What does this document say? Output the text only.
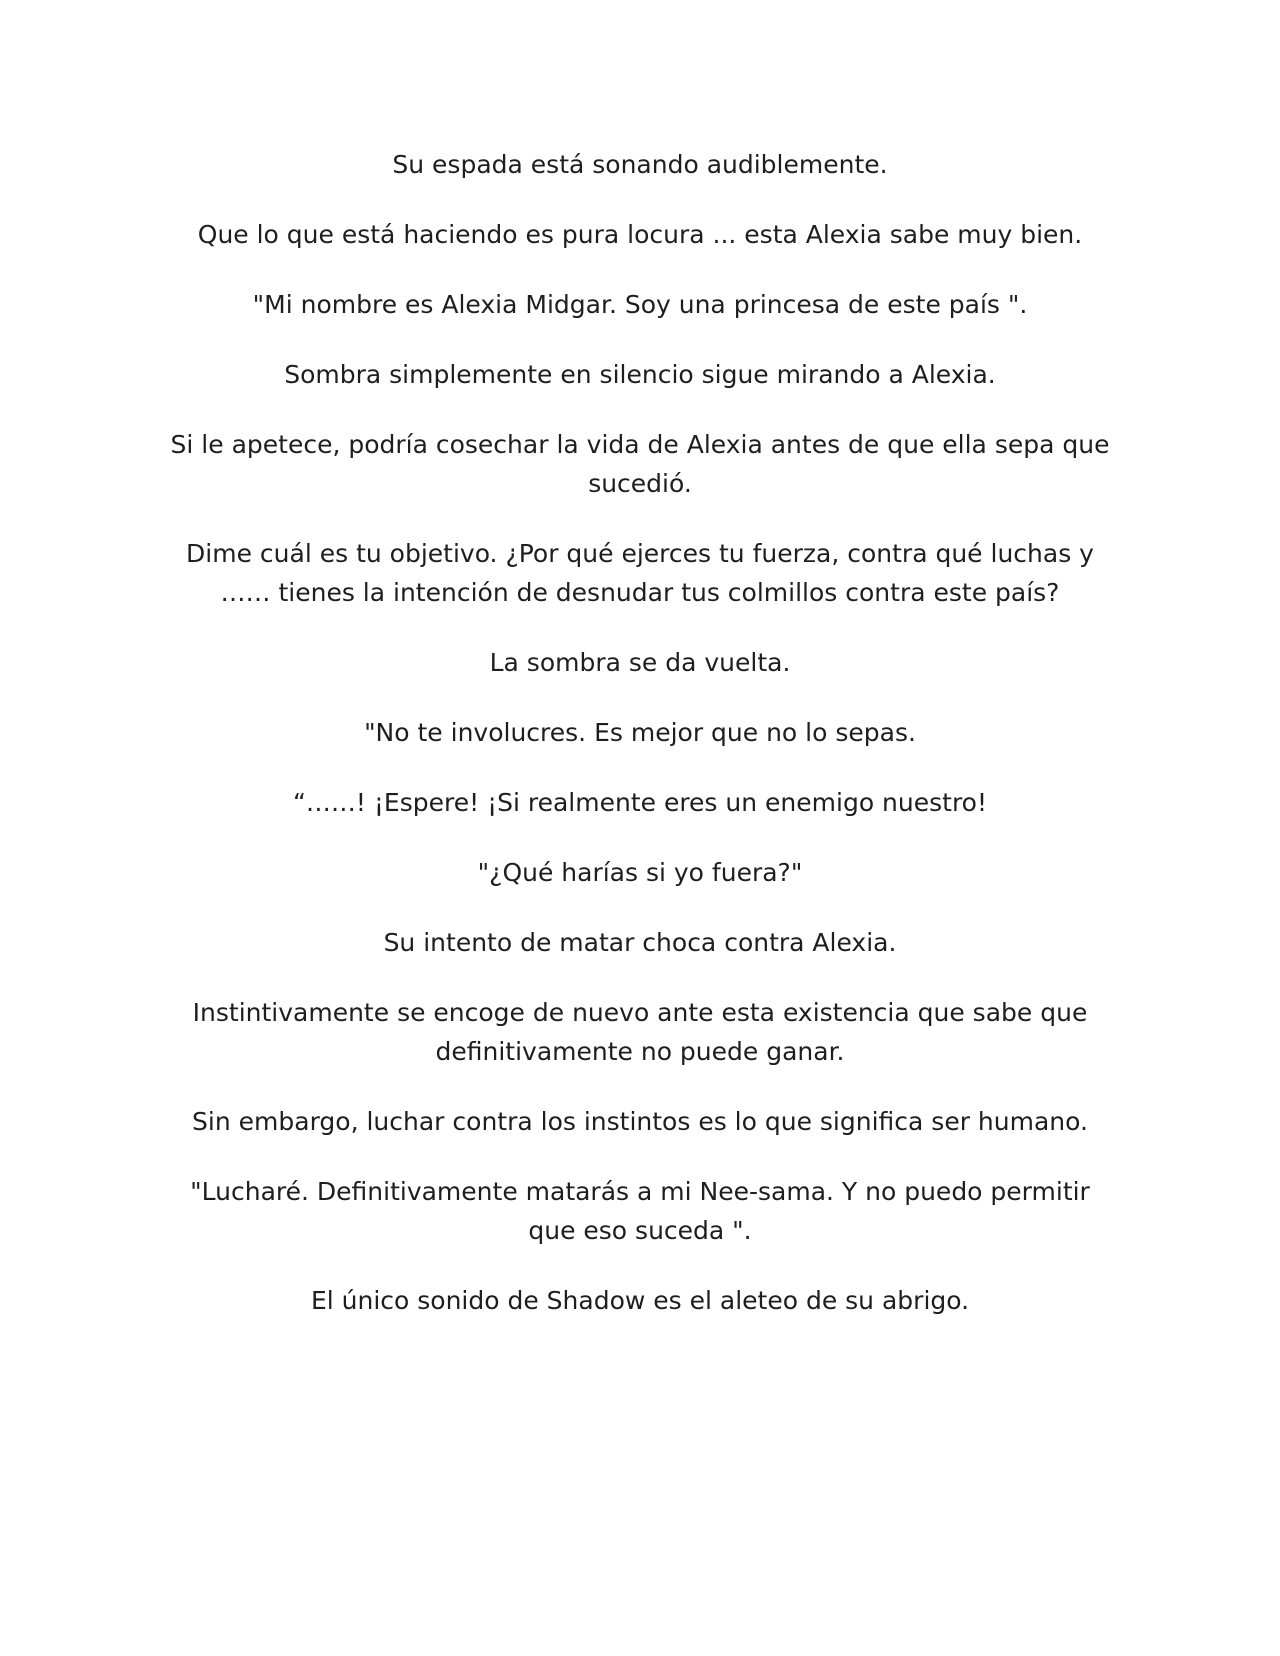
Su espada está sonando audiblemente.

Que lo que está haciendo es pura locura ... esta Alexia sabe muy bien.

"Mi nombre es Alexia Midgar. Soy una princesa de este país ".

Sombra simplemente en silencio sigue mirando a Alexia.

Si le apetece, podría cosechar la vida de Alexia antes de que ella sepa que sucedió.

Dime cuál es tu objetivo. ¿Por qué ejerces tu fuerza, contra qué luchas y …… tienes la intención de desnudar tus colmillos contra este país?

La sombra se da vuelta.

"No te involucres. Es mejor que no lo sepas.

“……! ¡Espere! ¡Si realmente eres un enemigo nuestro!

"¿Qué harías si yo fuera?"

Su intento de matar choca contra Alexia.

Instintivamente se encoge de nuevo ante esta existencia que sabe que definitivamente no puede ganar.

Sin embargo, luchar contra los instintos es lo que significa ser humano.

"Lucharé. Definitivamente matarás a mi Nee-sama. Y no puedo permitir que eso suceda ".

El único sonido de Shadow es el aleteo de su abrigo.
